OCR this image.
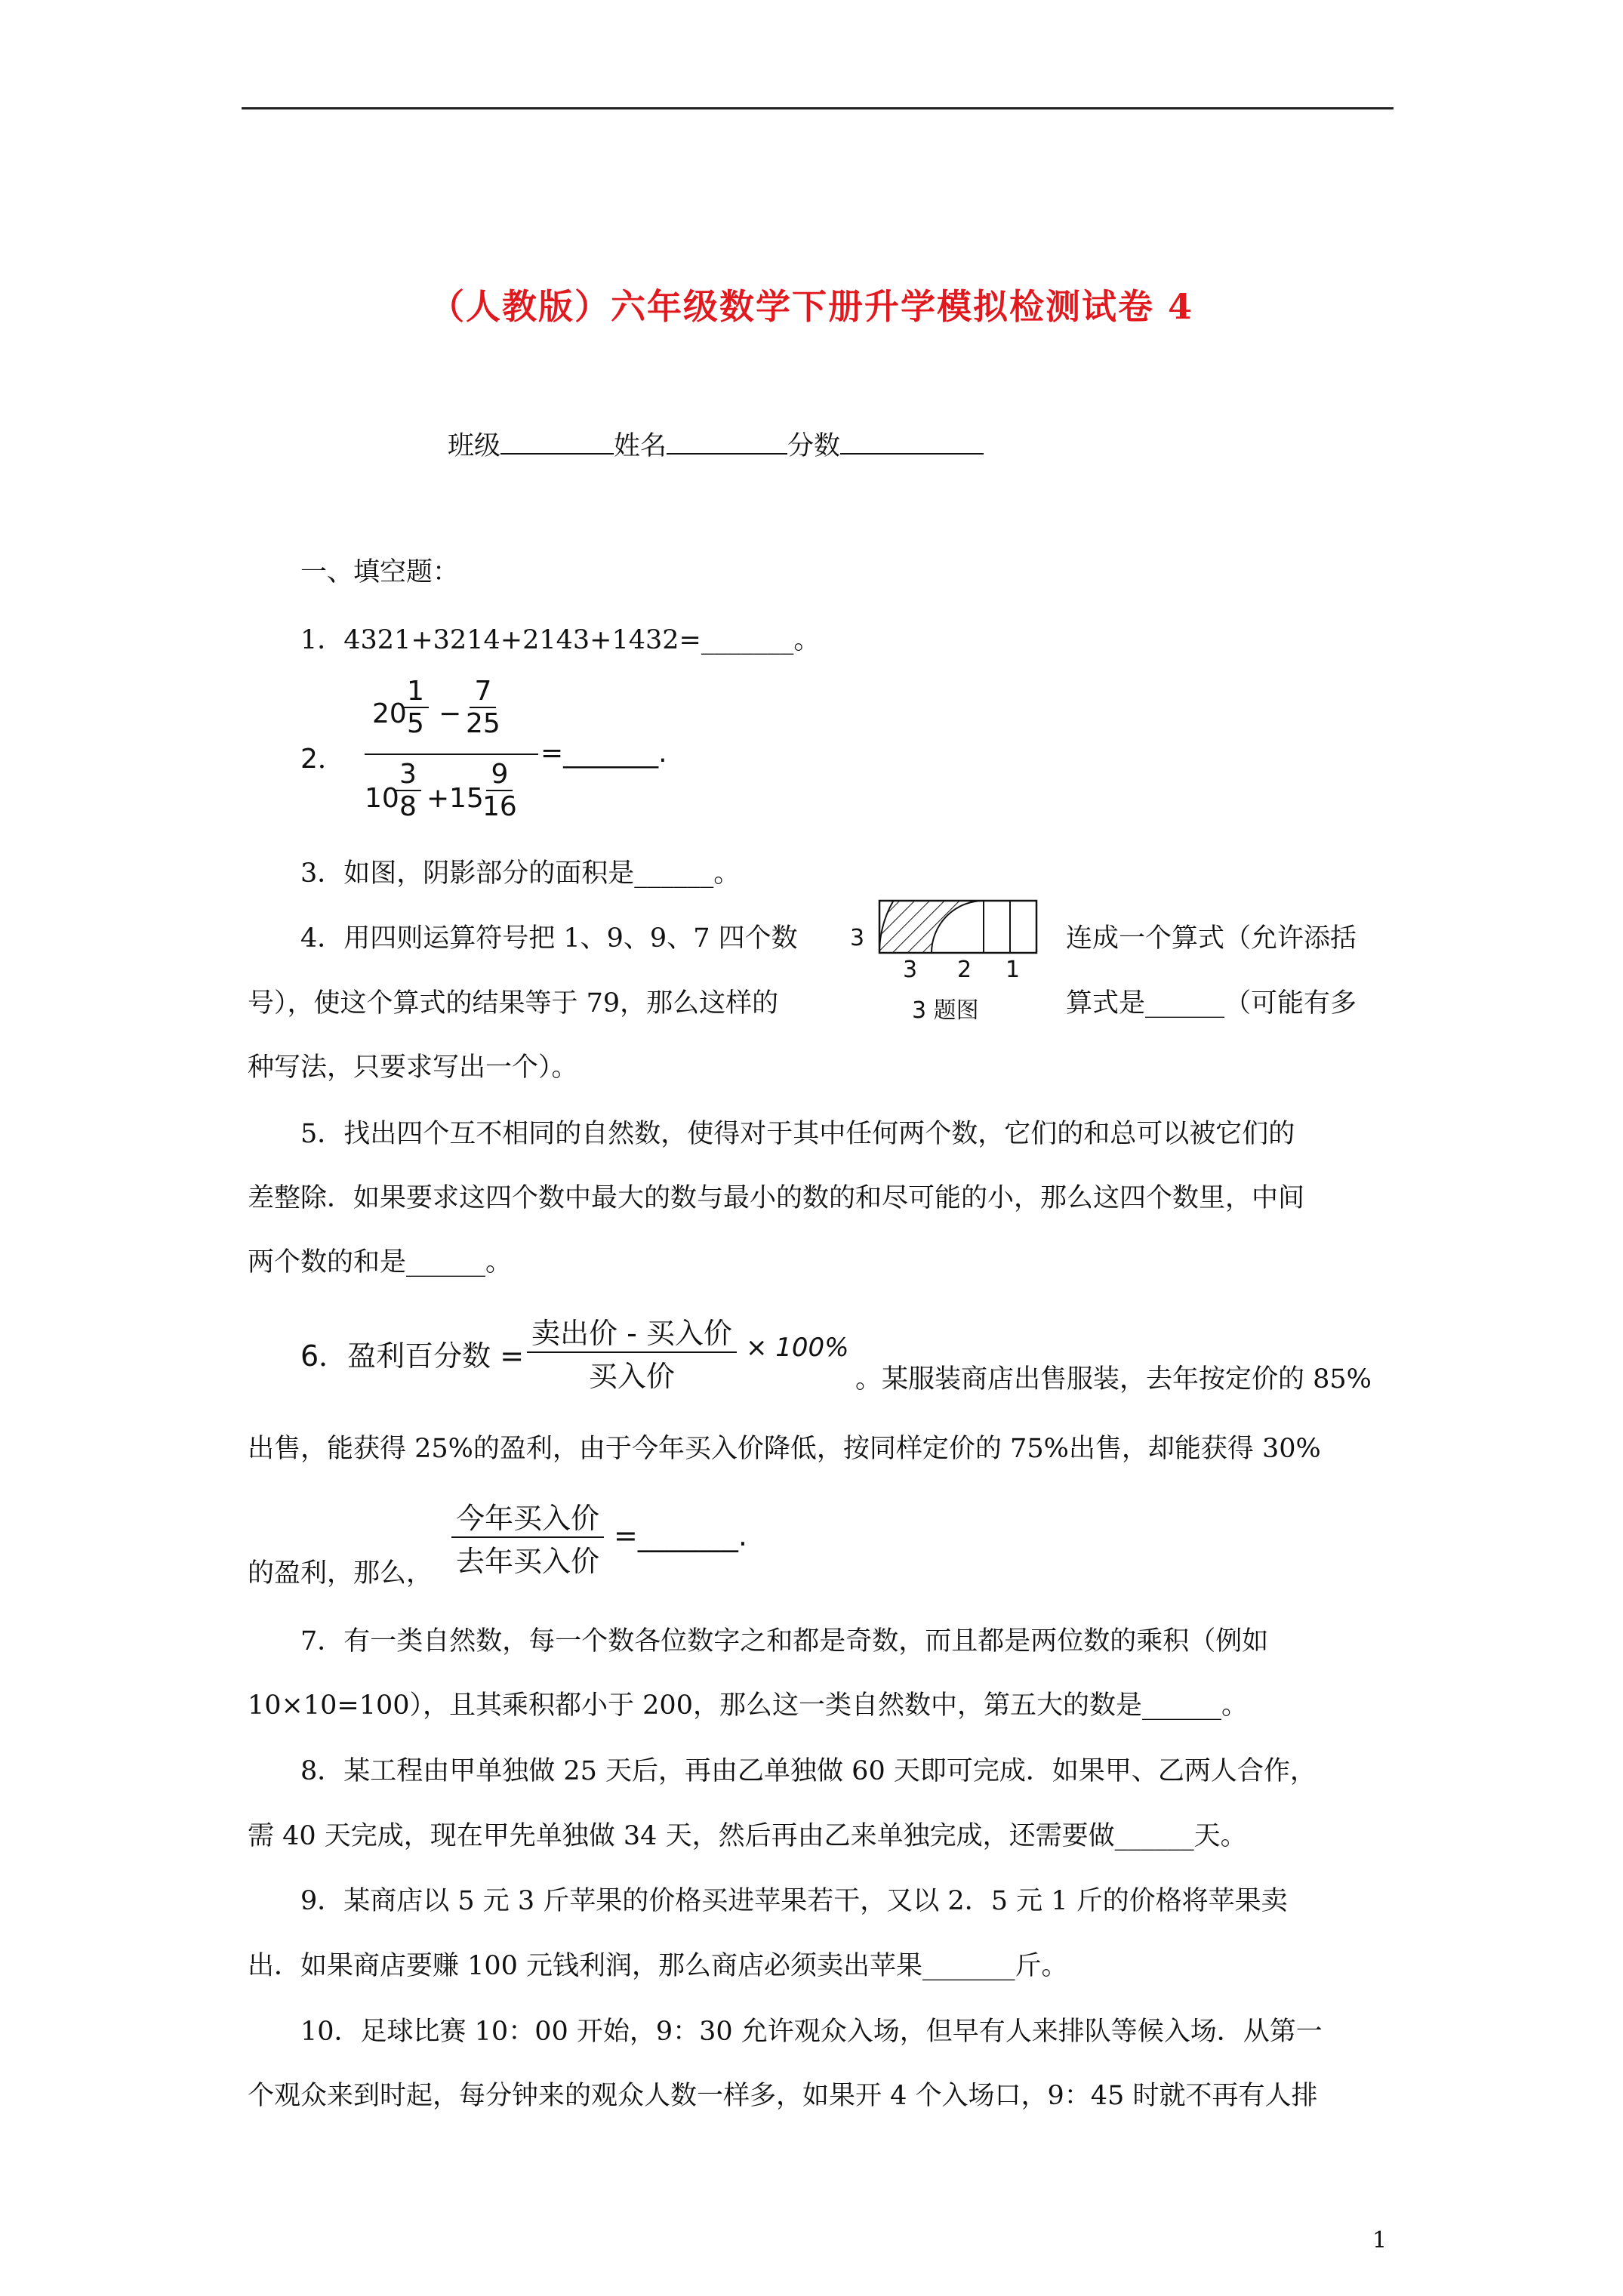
（人教版）六年级数学下册升学模拟检测试卷 4
班级	姓名	分数
一、填空题：
1．4321+3214+2143+1432=_______。
2．
20
$\frac{1}{5} - \frac{7}{25}$
10
$\frac{3}{8} + 15$
$\frac{9}{16}$
=_______.
3．如图，阴影部分的面积是______。
3
3 2 1
3 题图
4．用四则运算符号把 1、9、9、7 四个数	连成一个算式（允许添括
号），使这个算式的结果等于 79，那么这样的	算式是______（可能有多
种写法，只要求写出一个）。
5．找出四个互不相同的自然数，使得对于其中任何两个数，它们的和总可以被它们的
差整除．如果要求这四个数中最大的数与最小的数的和尽可能的小，那么这四个数里，中间
两个数的和是______。
6．盈利百分数 =
卖出价 - 买入价
买入价
× 100%
。某服装商店出售服装，去年按定价的 85%
出售，能获得 25%的盈利，由于今年买入价降低，按同样定价的 75%出售，却能获得 30%
的盈利，那么，
今年买入价
去年买入价
=_______.
7．有一类自然数，每一个数各位数字之和都是奇数，而且都是两位数的乘积（例如
10×10=100），且其乘积都小于 200，那么这一类自然数中，第五大的数是______。
8．某工程由甲单独做 25 天后，再由乙单独做 60 天即可完成．如果甲、乙两人合作，
需 40 天完成，现在甲先单独做 34 天，然后再由乙来单独完成，还需要做______天。
9．某商店以 5 元 3 斤苹果的价格买进苹果若干，又以 2．5 元 1 斤的价格将苹果卖
出．如果商店要赚 100 元钱利润，那么商店必须卖出苹果_______斤。
10．足球比赛 10：00 开始，9：30 允许观众入场，但早有人来排队等候入场．从第一
个观众来到时起，每分钟来的观众人数一样多，如果开 4 个入场口，9：45 时就不再有人排
1
